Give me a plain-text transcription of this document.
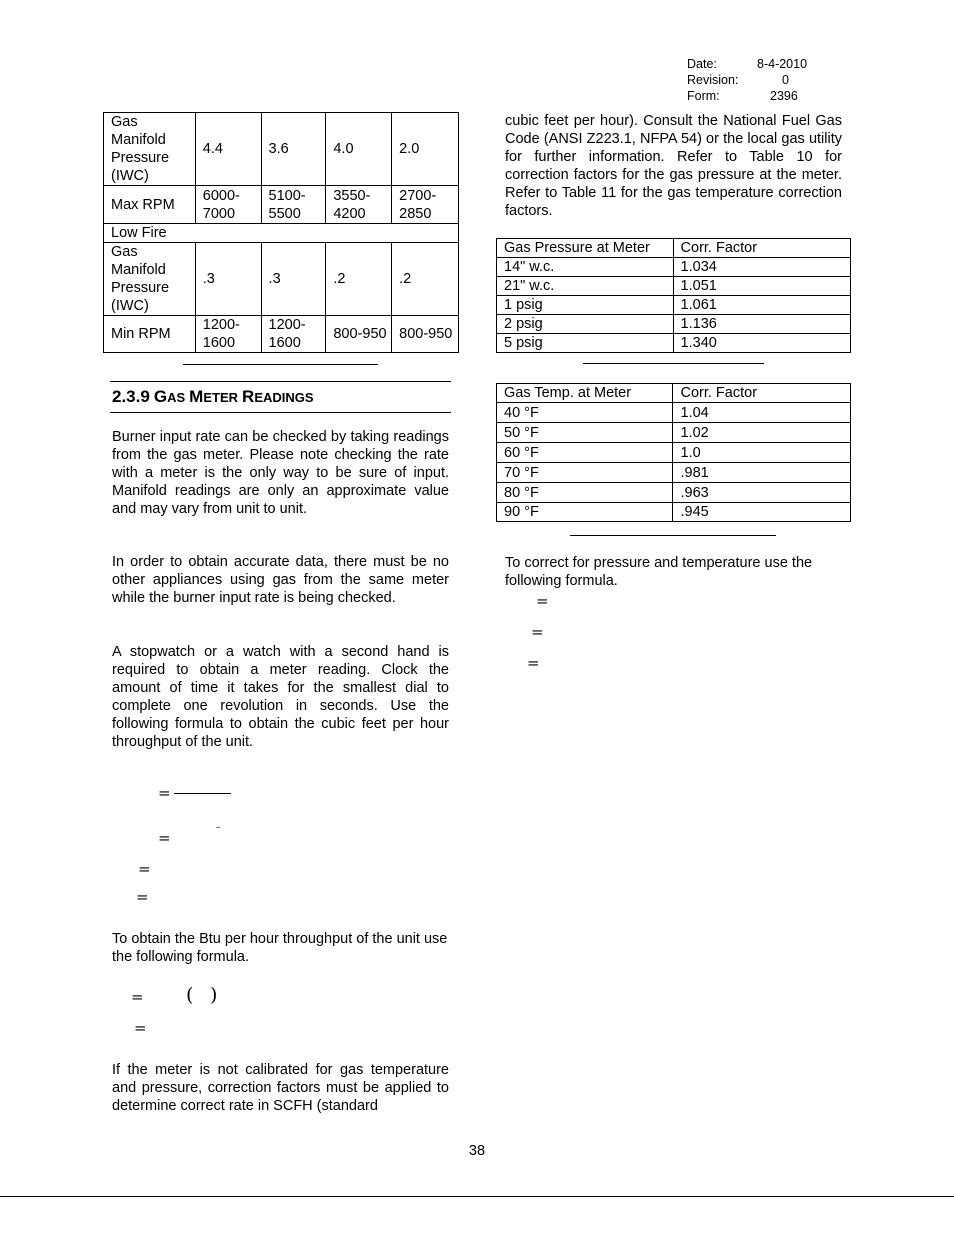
Date:	8-4-2010
Revision:	0
Form:	2396
Gas Manifold Pressure (IWC)	4.4	3.6	4.0	2.0
Max RPM	6000-7000	5100-5500	3550-4200	2700-2850
Low Fire				
Gas Manifold Pressure (IWC)	.3	.3	.2	.2
Min RPM	1200-1600	1200-1600	800-950	800-950
2.3.9 GAS METER READINGS
Burner input rate can be checked by taking readings from the gas meter. Please note checking the rate with a meter is the only way to be sure of input. Manifold readings are only an approximate value and may vary from unit to unit.
In order to obtain accurate data, there must be no other appliances using gas from the same meter while the burner input rate is being checked.
A stopwatch or a watch with a second hand is required to obtain a meter reading. Clock the amount of time it takes for the smallest dial to complete one revolution in seconds. Use the following formula to obtain the cubic feet per hour throughput of the unit.
=
=
–
=
=
To obtain the Btu per hour throughput of the unit use the following formula.
= ( )
=
If the meter is not calibrated for gas temperature and pressure, correction factors must be applied to determine correct rate in SCFH (standard
cubic feet per hour). Consult the National Fuel Gas Code (ANSI Z223.1, NFPA 54) or the local gas utility for further information. Refer to Table 10 for correction factors for the gas pressure at the meter. Refer to Table 11 for the gas temperature correction factors.
Gas Pressure at Meter	Corr. Factor
14" w.c.	1.034
21" w.c.	1.051
1 psig	1.061
2 psig	1.136
5 psig	1.340
Gas Temp. at Meter	Corr. Factor
40 °F	1.04
50 °F	1.02
60 °F	1.0
70 °F	.981
80 °F	.963
90 °F	.945
To correct for pressure and temperature use the following formula.
=
=
=
38
